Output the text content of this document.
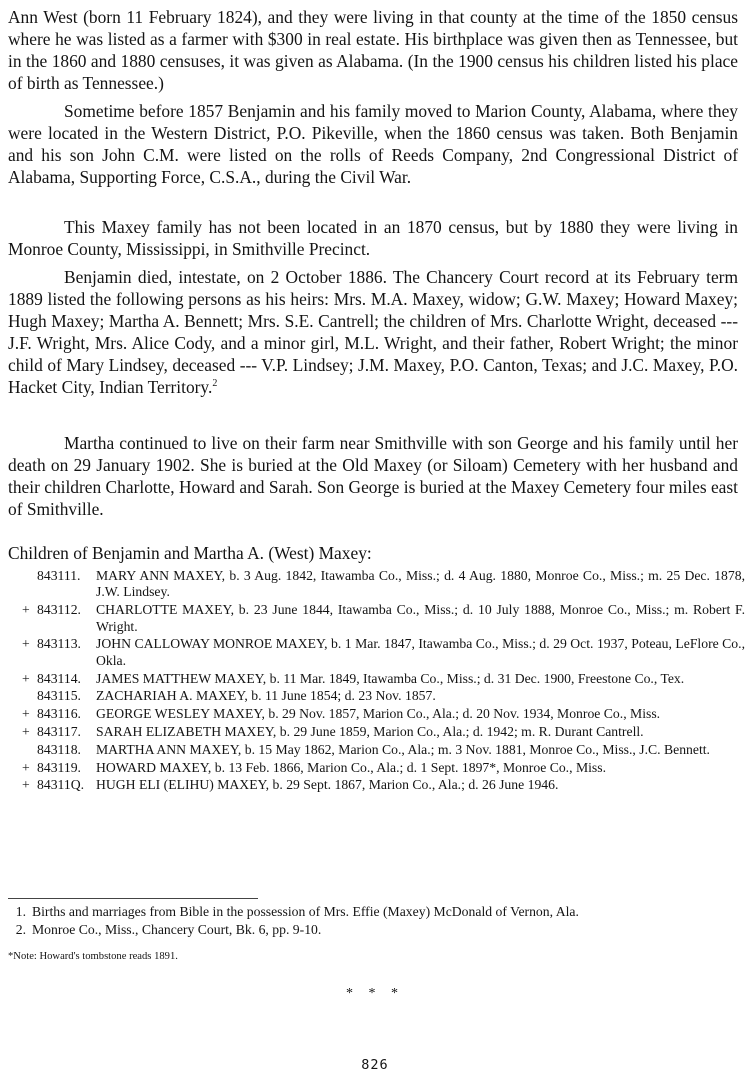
Ann West (born 11 February 1824), and they were living in that county at the time of the 1850 census where he was listed as a farmer with $300 in real estate. His birthplace was given then as Tennessee, but in the 1860 and 1880 censuses, it was given as Alabama. (In the 1900 census his children listed his place of birth as Tennessee.)

Sometime before 1857 Benjamin and his family moved to Marion County, Alabama, where they were located in the Western District, P.O. Pikeville, when the 1860 census was taken. Both Benjamin and his son John C.M. were listed on the rolls of Reeds Company, 2nd Congressional District of Alabama, Supporting Force, C.S.A., during the Civil War.

This Maxey family has not been located in an 1870 census, but by 1880 they were living in Monroe County, Mississippi, in Smithville Precinct.

Benjamin died, intestate, on 2 October 1886. The Chancery Court record at its February term 1889 listed the following persons as his heirs: Mrs. M.A. Maxey, widow; G.W. Maxey; Howard Maxey; Hugh Maxey; Martha A. Bennett; Mrs. S.E. Cantrell; the children of Mrs. Charlotte Wright, deceased --- J.F. Wright, Mrs. Alice Cody, and a minor girl, M.L. Wright, and their father, Robert Wright; the minor child of Mary Lindsey, deceased --- V.P. Lindsey; J.M. Maxey, P.O. Canton, Texas; and J.C. Maxey, P.O. Hacket City, Indian Territory.$^2$

Martha continued to live on their farm near Smithville with son George and his family until her death on 29 January 1902. She is buried at the Old Maxey (or Siloam) Cemetery with her husband and their children Charlotte, Howard and Sarah. Son George is buried at the Maxey Cemetery four miles east of Smithville.

Children of Benjamin and Martha A. (West) Maxey:

843111. MARY ANN MAXEY, b. 3 Aug. 1842, Itawamba Co., Miss.; d. 4 Aug. 1880, Monroe Co., Miss.; m. 25 Dec. 1878, J.W. Lindsey.
+ 843112. CHARLOTTE MAXEY, b. 23 June 1844, Itawamba Co., Miss.; d. 10 July 1888, Monroe Co., Miss.; m. Robert F. Wright.
+ 843113. JOHN CALLOWAY MONROE MAXEY, b. 1 Mar. 1847, Itawamba Co., Miss.; d. 29 Oct. 1937, Poteau, LeFlore Co., Okla.
+ 843114. JAMES MATTHEW MAXEY, b. 11 Mar. 1849, Itawamba Co., Miss.; d. 31 Dec. 1900, Freestone Co., Tex.
843115. ZACHARIAH A. MAXEY, b. 11 June 1854; d. 23 Nov. 1857.
+ 843116. GEORGE WESLEY MAXEY, b. 29 Nov. 1857, Marion Co., Ala.; d. 20 Nov. 1934, Monroe Co., Miss.
+ 843117. SARAH ELIZABETH MAXEY, b. 29 June 1859, Marion Co., Ala.; d. 1942; m. R. Durant Cantrell.
843118. MARTHA ANN MAXEY, b. 15 May 1862, Marion Co., Ala.; m. 3 Nov. 1881, Monroe Co., Miss., J.C. Bennett.
+ 843119. HOWARD MAXEY, b. 13 Feb. 1866, Marion Co., Ala.; d. 1 Sept. 1897*, Monroe Co., Miss.
+ 84311Q. HUGH ELI (ELIHU) MAXEY, b. 29 Sept. 1867, Marion Co., Ala.; d. 26 June 1946.

1. Births and marriages from Bible in the possession of Mrs. Effie (Maxey) McDonald of Vernon, Ala.

2. Monroe Co., Miss., Chancery Court, Bk. 6, pp. 9-10.

*Note: Howard's tombstone reads 1891.

* * *

826
